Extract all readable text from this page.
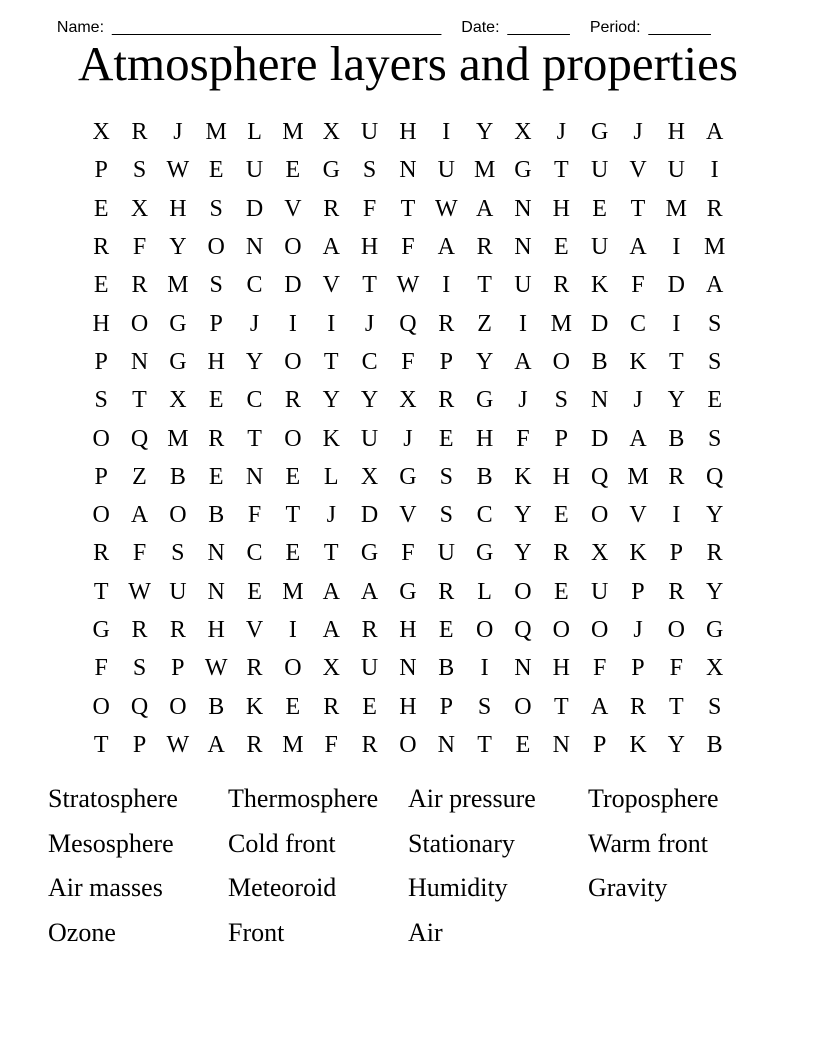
Name: _____________________________________ Date: _______ Period: _______

Atmosphere layers and properties
X R	J M L M X U H	I	Y X	J	G	J	H A
P	S W E U E G S N U M G T U V U	I
E X H S D V R F	T W A N H E T M R
R F Y O N O A H F A R N E U A	I M
E R M S C D V T W I	T U R K F D A
H O G P	J	I	I	J	Q R Z	I M D C	I	S
P N G H Y O T C F	P Y A O B K T	S
S	T X E C R Y Y X R G	J	S N	J	Y E
O Q M R T O K U	J	E H F	P D A B S
P	Z B E N E L X G S B K H Q M R Q
O A O B F	T	J	D V S C Y E O V	I	Y
R F	S N C E T G F U G Y R X K P R
T W U N E M A A G R L O E U P R Y
G R R H V	I	A R H E O Q O O	J	O G
F	S	P W R O X U N B	I	N H F	P	F X
O Q O B K E R E H P	S O T A R T	S
T	P W A R M F R O N T E N P K Y B
Stratosphere	Thermosphere	Air pressure	Troposphere
Mesosphere	Cold front	Stationary	Warm front
Air masses	Meteoroid	Humidity	Gravity
Ozone	Front	Air
